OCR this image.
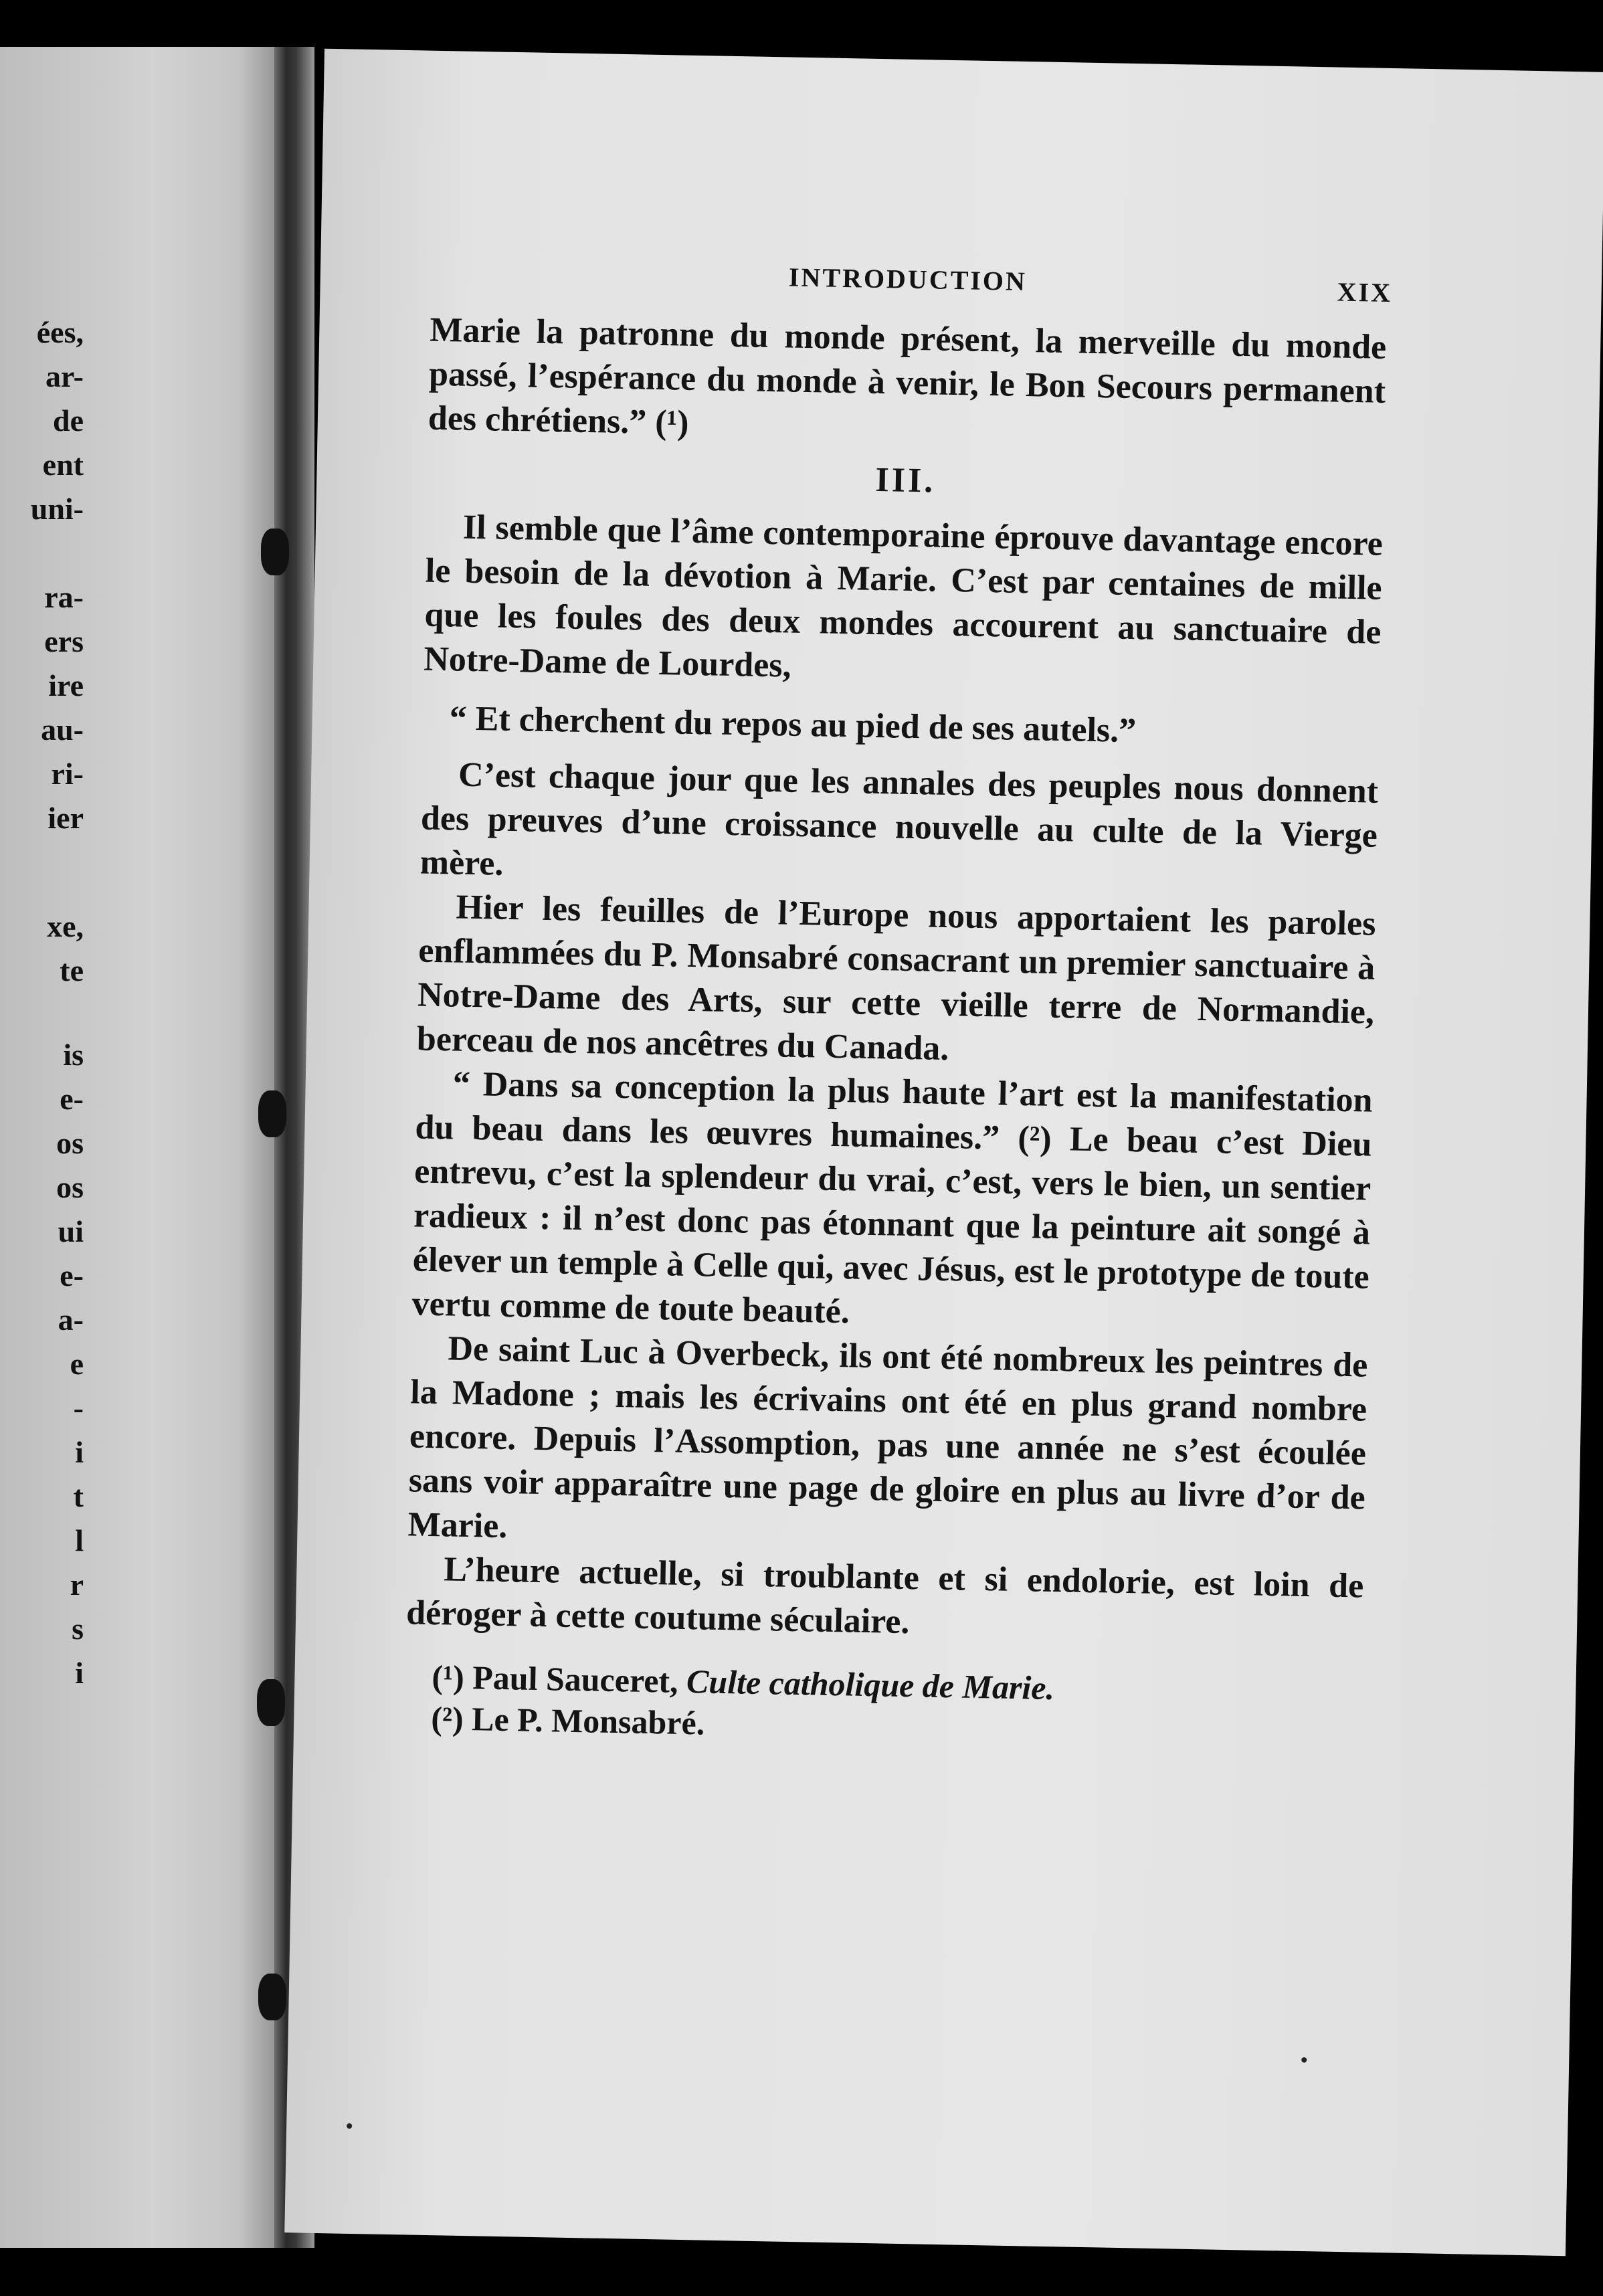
ées,
ar-
de
ent
uni-
ra-
ers
ire
au-
ri-
ier
xe,
te
is
e-
os
os
ui
e-
a-
e
-
i
t
l
r
s
i
INTRODUCTION	XIX

Marie la patronne du monde présent, la merveille du monde passé, l’espérance du monde à venir, le Bon Secours permanent des chrétiens.” (¹)

III.

Il semble que l’âme contemporaine éprouve davantage encore le besoin de la dévotion à Marie. C’est par centaines de mille que les foules des deux mondes accourent au sanctuaire de Notre-Dame de Lourdes,

“ Et cherchent du repos au pied de ses autels.”

C’est chaque jour que les annales des peuples nous donnent des preuves d’une croissance nouvelle au culte de la Vierge mère.

Hier les feuilles de l’Europe nous apportaient les paroles enflammées du P. Monsabré consacrant un premier sanctuaire à Notre-Dame des Arts, sur cette vieille terre de Normandie, berceau de nos ancêtres du Canada.

“ Dans sa conception la plus haute l’art est la manifestation du beau dans les œuvres humaines.” (²) Le beau c’est Dieu entrevu, c’est la splendeur du vrai, c’est, vers le bien, un sentier radieux : il n’est donc pas étonnant que la peinture ait songé à élever un temple à Celle qui, avec Jésus, est le prototype de toute vertu comme de toute beauté.

De saint Luc à Overbeck, ils ont été nombreux les peintres de la Madone ; mais les écrivains ont été en plus grand nombre encore. Depuis l’Assomption, pas une année ne s’est écoulée sans voir apparaître une page de gloire en plus au livre d’or de Marie.

L’heure actuelle, si troublante et si endolorie, est loin de déroger à cette coutume séculaire.

(¹) Paul Sauceret, Culte catholique de Marie.

(²) Le P. Monsabré.
